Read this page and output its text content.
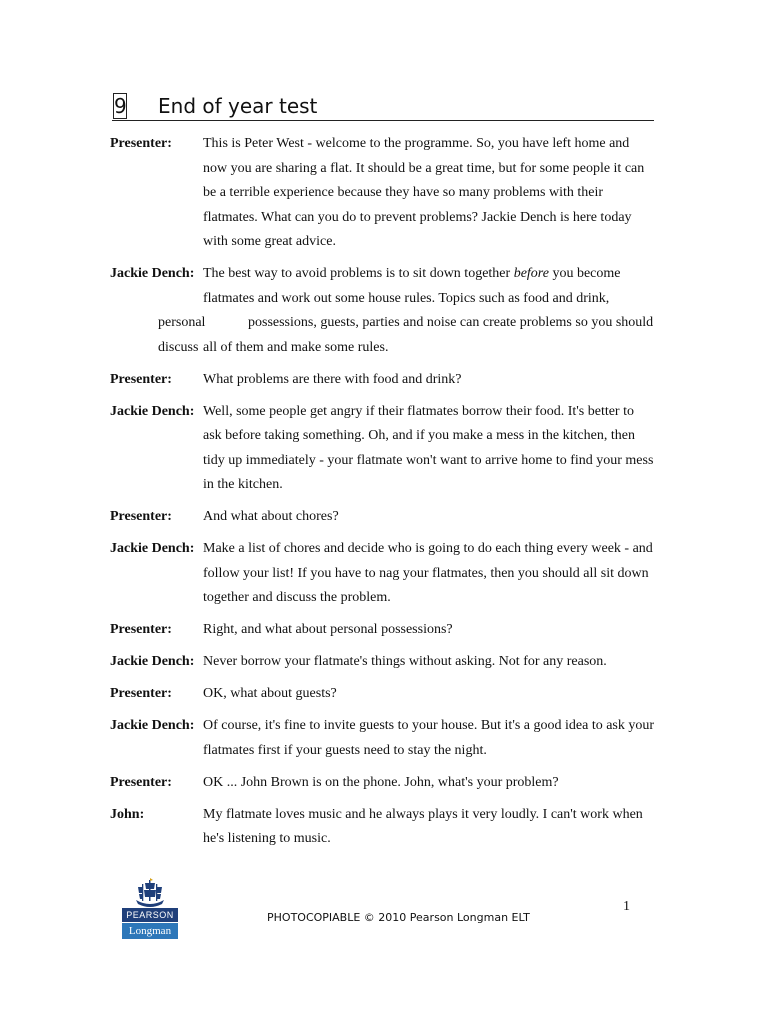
9 End of year test
Presenter:	This is Peter West - welcome to the programme. So, you have left home and now you are sharing a flat. It should be a great time, but for some people it can be a terrible experience because they have so many problems with their flatmates. What can you do to prevent problems? Jackie Dench is here today with some great advice.
Jackie Dench: The best way to avoid problems is to sit down together before you become flatmates and work out some house rules. Topics such as food and drink,
personal	possessions, guests, parties and noise can create problems so you should
discuss all of them and make some rules.
Presenter:	What problems are there with food and drink?
Jackie Dench: Well, some people get angry if their flatmates borrow their food. It's better to ask before taking something. Oh, and if you make a mess in the kitchen, then tidy up immediately - your flatmate won't want to arrive home to find your mess in the kitchen.
Presenter:	And what about chores?
Jackie Dench: Make a list of chores and decide who is going to do each thing every week - and follow your list! If you have to nag your flatmates, then you should all sit down together and discuss the problem.
Presenter:	Right, and what about personal possessions?
Jackie Dench: Never borrow your flatmate's things without asking. Not for any reason.
Presenter:	OK, what about guests?
Jackie Dench: Of course, it's fine to invite guests to your house. But it's a good idea to ask your flatmates first if your guests need to stay the night.
Presenter:	OK ... John Brown is on the phone. John, what's your problem?
John:	My flatmate loves music and he always plays it very loudly. I can't work when he's listening to music.
PEARSON
Longman
PHOTOCOPIABLE © 2010 Pearson Longman ELT
1
